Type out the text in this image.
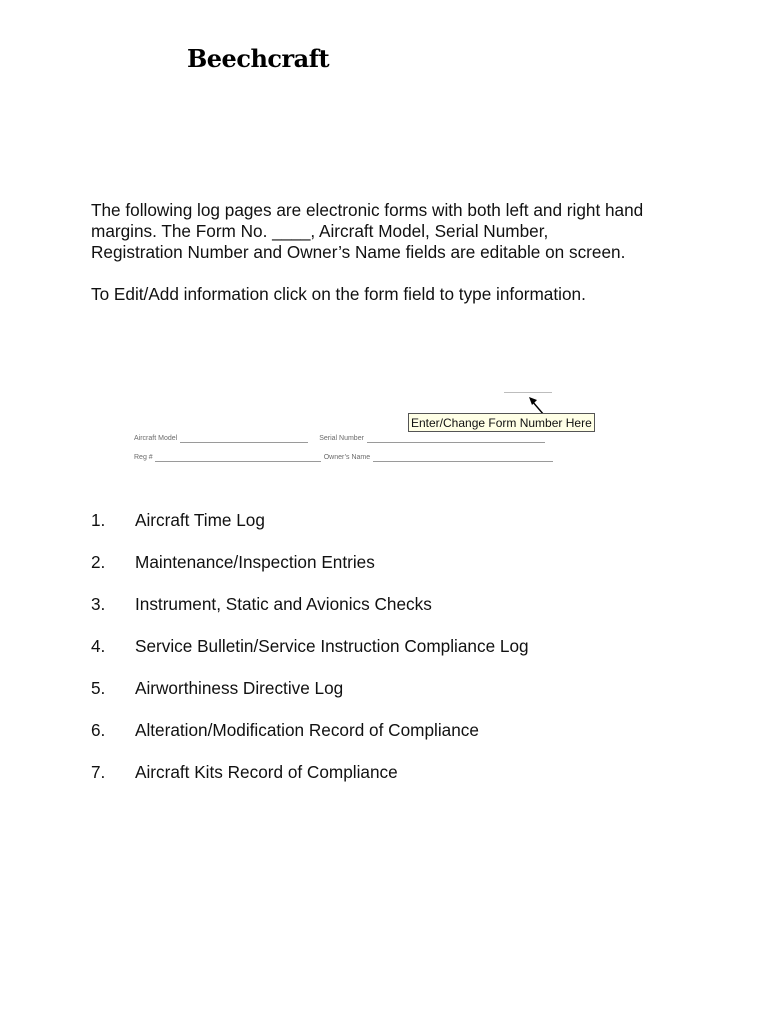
Beechcraft

The following log pages are electronic forms with both left and right hand
margins. The Form No. ____, Aircraft Model, Serial Number,
Registration Number and Owner’s Name fields are editable on screen.

To Edit/Add information click on the form field to type information.

Enter/Change Form Number Here
Aircraft Model	Serial Number
Reg #	Owner’s Name
1.	Aircraft Time Log
2.	Maintenance/Inspection Entries
3.	Instrument, Static and Avionics Checks
4.	Service Bulletin/Service Instruction Compliance Log
5.	Airworthiness Directive Log
6.	Alteration/Modification Record of Compliance
7.	Aircraft Kits Record of Compliance
